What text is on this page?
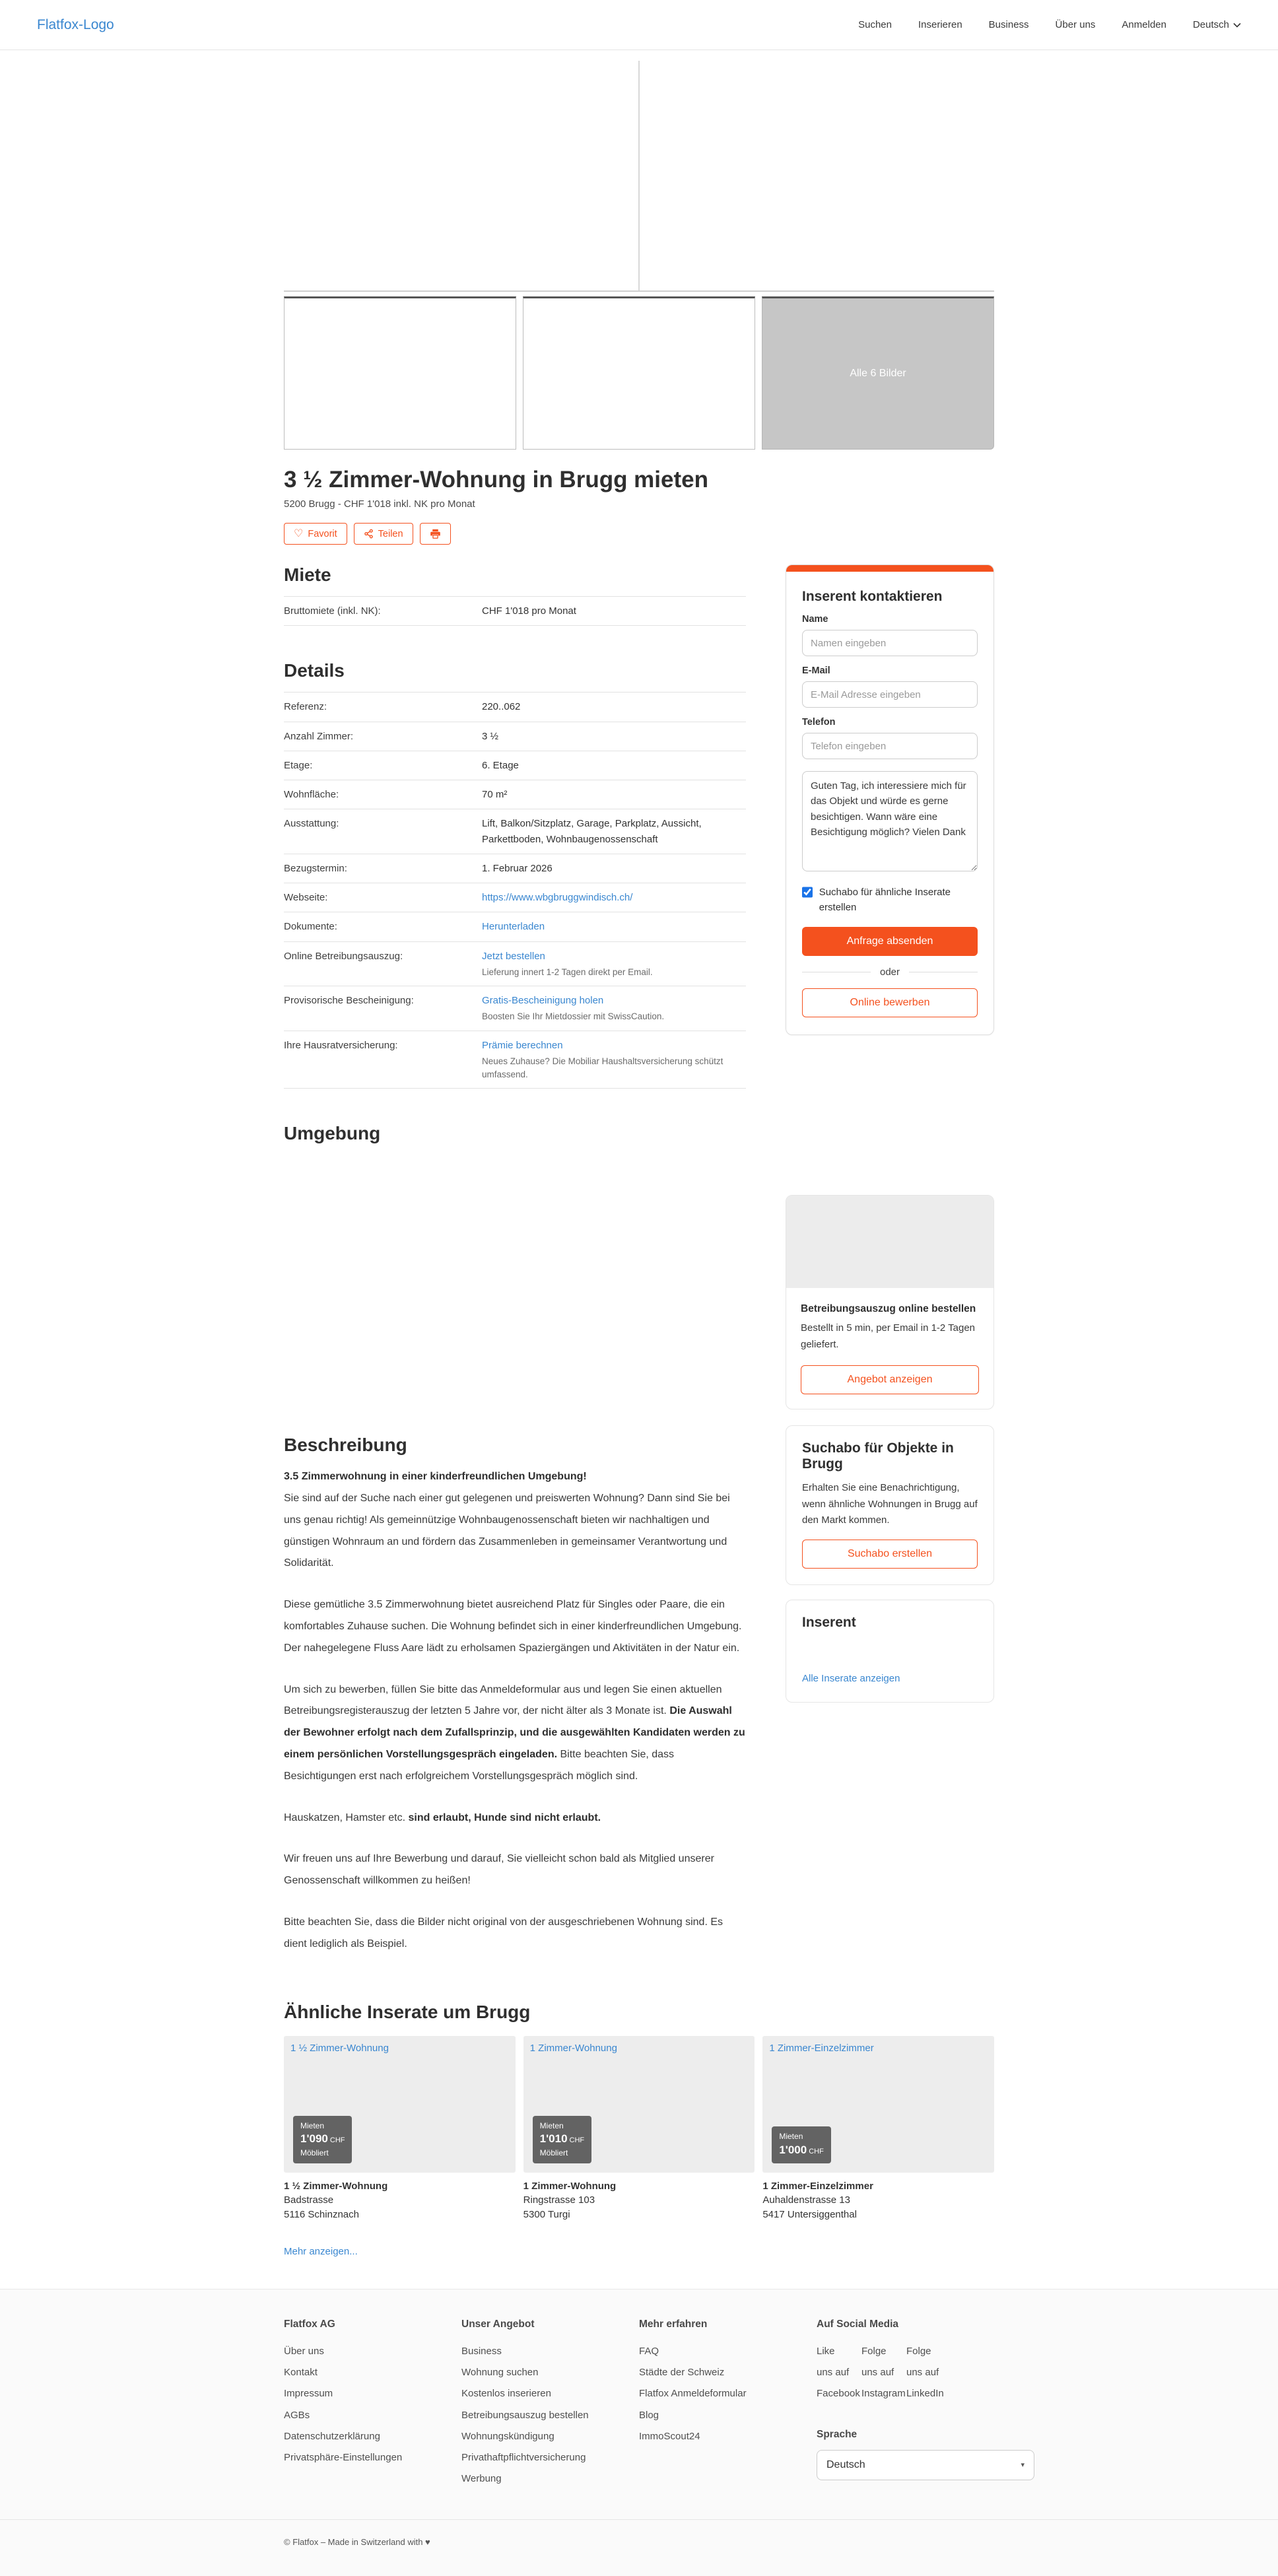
Flatfox-Logo	Suchen	Inserieren	Business	Über uns	Anmelden	Deutsch
Alle 6 Bilder
3 ½ Zimmer-Wohnung in Brugg mieten
5200 Brugg - CHF 1'018 inkl. NK pro Monat
♡ Favorit	Teilen
Miete
Bruttomiete (inkl. NK):	CHF 1'018 pro Monat
Details
Referenz:	220..062
Anzahl Zimmer:	3 ½
Etage:	6. Etage
Wohnfläche:	70 m²
Ausstattung:	Lift, Balkon/Sitzplatz, Garage, Parkplatz, Aussicht, Parkettboden, Wohnbaugenossenschaft
Bezugstermin:	1. Februar 2026
Webseite:	https://www.wbgbruggwindisch.ch/
Dokumente:	Herunterladen
Online Betreibungsauszug:	Jetzt bestellen
Lieferung innert 1-2 Tagen direkt per Email.
Provisorische Bescheinigung:	Gratis-Bescheinigung holen
Boosten Sie Ihr Mietdossier mit SwissCaution.
Ihre Hausratversicherung:	Prämie berechnen
Neues Zuhause? Die Mobiliar Haushaltsversicherung schützt umfassend.
Umgebung
Beschreibung

3.5 Zimmerwohnung in einer kinderfreundlichen Umgebung!

Sie sind auf der Suche nach einer gut gelegenen und preiswerten Wohnung? Dann sind Sie bei uns genau richtig! Als gemeinnützige Wohnbaugenossenschaft bieten wir nachhaltigen und günstigen Wohnraum an und fördern das Zusammenleben in gemeinsamer Verantwortung und Solidarität.

Diese gemütliche 3.5 Zimmerwohnung bietet ausreichend Platz für Singles oder Paare, die ein komfortables Zuhause suchen. Die Wohnung befindet sich in einer kinderfreundlichen Umgebung. Der nahegelegene Fluss Aare lädt zu erholsamen Spaziergängen und Aktivitäten in der Natur ein.

Um sich zu bewerben, füllen Sie bitte das Anmeldeformular aus und legen Sie einen aktuellen Betreibungsregisterauszug der letzten 5 Jahre vor, der nicht älter als 3 Monate ist. Die Auswahl der Bewohner erfolgt nach dem Zufallsprinzip, und die ausgewählten Kandidaten werden zu einem persönlichen Vorstellungsgespräch eingeladen. Bitte beachten Sie, dass Besichtigungen erst nach erfolgreichem Vorstellungsgespräch möglich sind.

Hauskatzen, Hamster etc. sind erlaubt, Hunde sind nicht erlaubt.

Wir freuen uns auf Ihre Bewerbung und darauf, Sie vielleicht schon bald als Mitglied unserer Genossenschaft willkommen zu heißen!

Bitte beachten Sie, dass die Bilder nicht original von der ausgeschriebenen Wohnung sind. Es dient lediglich als Beispiel.

Inserent kontaktieren
Name
Namen eingeben
E-Mail
E-Mail Adresse eingeben
Telefon
Telefon eingeben Guten Tag, ich interessiere mich für das Objekt und würde es gerne besichtigen. Wann wäre eine Besichtigung möglich? Vielen Dank
Suchabo für ähnliche Inserate erstellen
Anfrage absenden
oder
Online bewerben
Betreibungsauszug online bestellen
Bestellt in 5 min, per Email in 1-2 Tagen geliefert.
Angebot anzeigen
Suchabo für Objekte in Brugg
Erhalten Sie eine Benachrichtigung, wenn ähnliche Wohnungen in Brugg auf den Markt kommen.
Suchabo erstellen
Inserent
Alle Inserate anzeigen
Ähnliche Inserate um Brugg
1 ½ Zimmer-Wohnung
Mieten
1'090 CHF
Möbliert
1 ½ Zimmer-Wohnung
Badstrasse
5116 Schinznach
1 Zimmer-Wohnung
Mieten
1'010 CHF
Möbliert
1 Zimmer-Wohnung
Ringstrasse 103
5300 Turgi
1 Zimmer-Einzelzimmer
Mieten
1'000 CHF
1 Zimmer-Einzelzimmer
Auhaldenstrasse 13
5417 Untersiggenthal
Mehr anzeigen...
Flatfox AG
Über uns
Kontakt
Impressum
AGBs
Datenschutzerklärung
Privatsphäre-Einstellungen
Unser Angebot
Business
Wohnung suchen
Kostenlos inserieren
Betreibungsauszug bestellen
Wohnungskündigung
Privathaftpflichtversicherung
Werbung
Mehr erfahren
FAQ
Städte der Schweiz
Flatfox Anmeldeformular
Blog
ImmoScout24
Auf Social Media
Like uns auf Facebook
Folge uns auf Instagram
Folge uns auf LinkedIn
Sprache
Deutsch	▾
© Flatfox – Made in Switzerland with ♥
